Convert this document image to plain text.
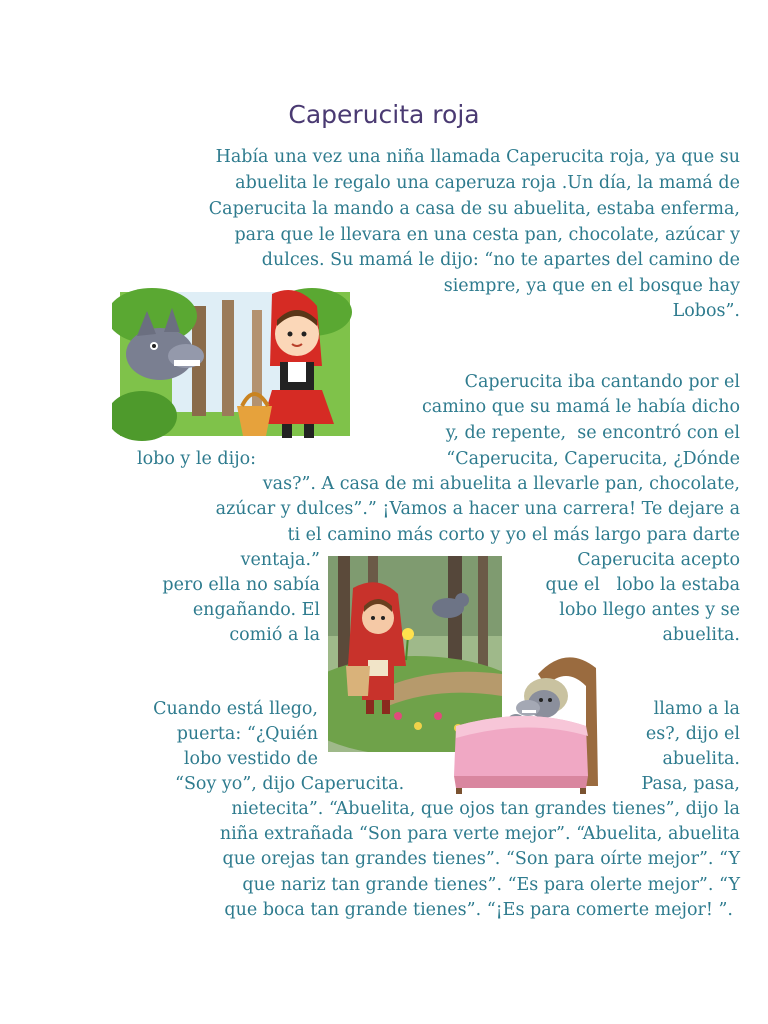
Caperucita roja
Había una vez una niña llamada Caperucita roja, ya que su
abuelita le regalo una caperuza roja .Un día, la mamá de
Caperucita la mando a casa de su abuelita, estaba enferma,
para que le llevara en una cesta pan, chocolate, azúcar y
dulces. Su mamá le dijo: “no te apartes del camino de
siempre, ya que en el bosque hay
Lobos”.
Caperucita iba cantando por el
camino que su mamá le había dicho
y, de repente,  se encontró con el
lobo y le dijo:	“Caperucita, Caperucita, ¿Dónde
vas?”. A casa de mi abuelita a llevarle pan, chocolate,
azúcar y dulces”.” ¡Vamos a hacer una carrera! Te dejare a
ti el camino más corto y yo el más largo para darte
ventaja.”	Caperucita acepto
pero ella no sabía	que el   lobo la estaba
engañando. El	lobo llego antes y se
comió a la	abuelita.
Cuando está llego,	llamo a la
puerta: “¿Quién	es?, dijo el
lobo vestido de	abuelita.
“Soy yo”, dijo Caperucita.	Pasa, pasa,
nietecita”. “Abuelita, que ojos tan grandes tienes”, dijo la
niña extrañada “Son para verte mejor”. “Abuelita, abuelita
que orejas tan grandes tienes”. “Son para oírte mejor”. “Y
que nariz tan grande tienes”. “Es para olerte mejor”. “Y
que boca tan grande tienes”. “¡Es para comerte mejor! ”.
